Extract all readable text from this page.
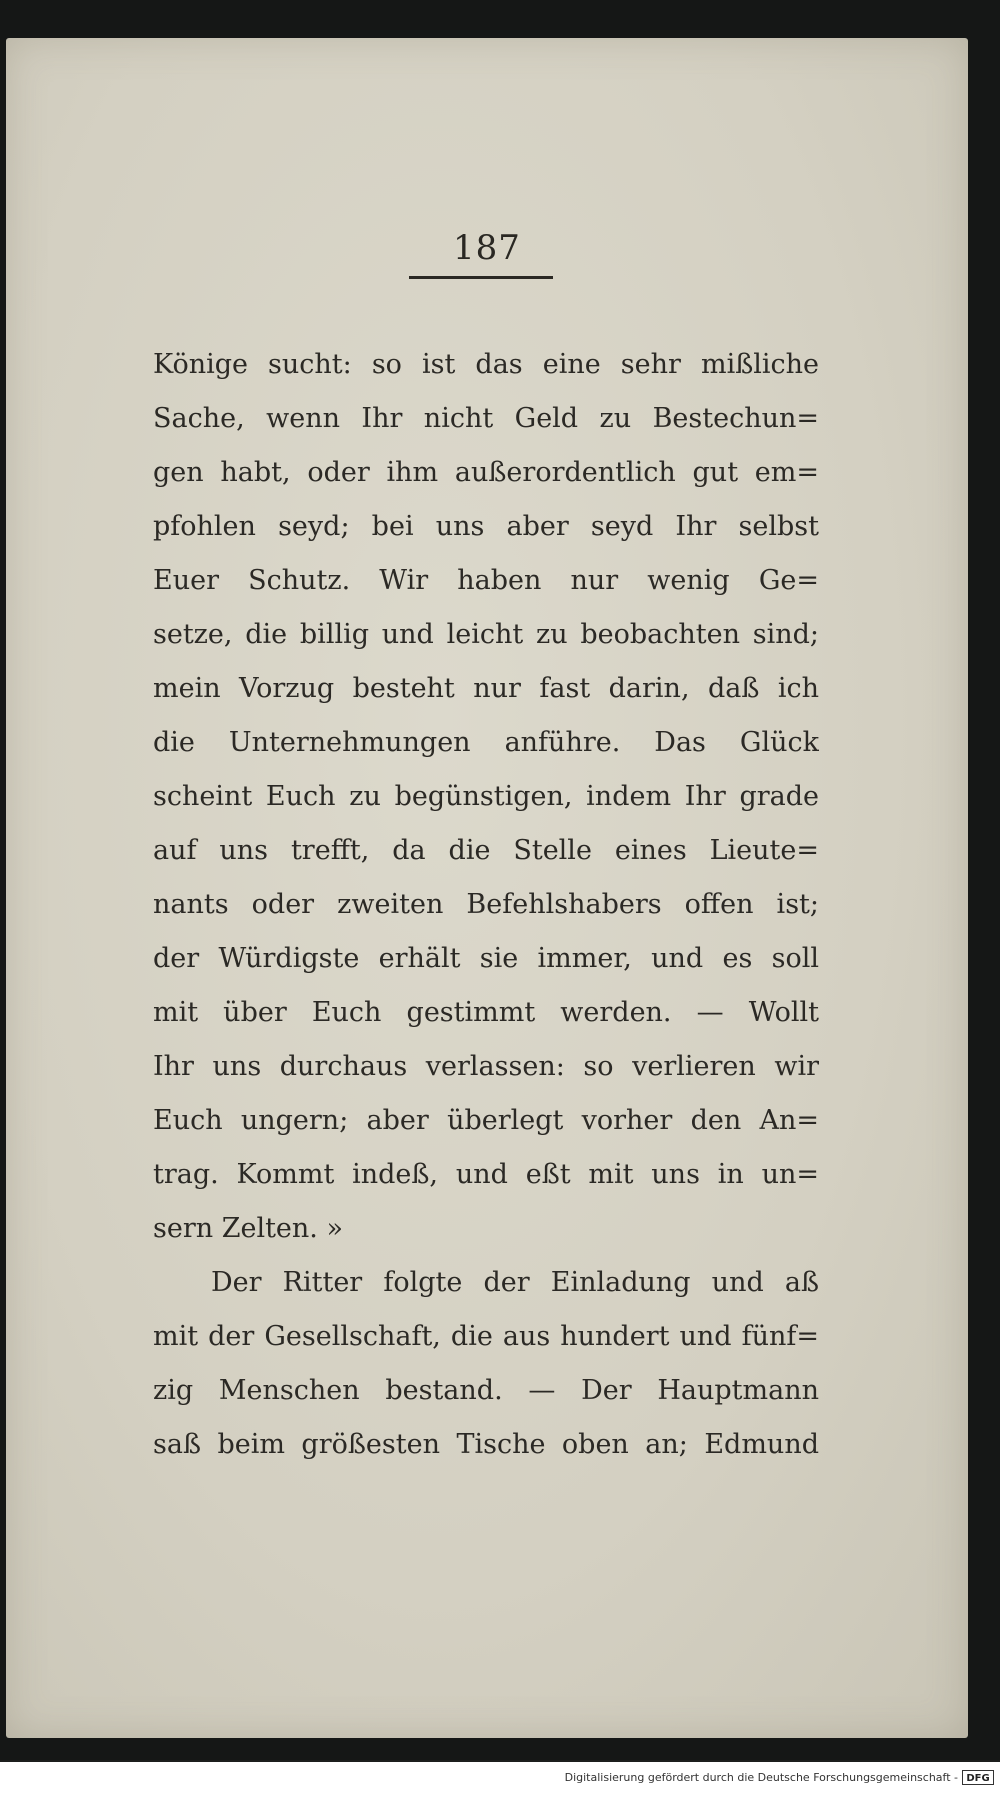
187
Könige sucht: so ist das eine sehr mißliche
Sache, wenn Ihr nicht Geld zu Bestechun=
gen habt, oder ihm außerordentlich gut em=
pfohlen seyd; bei uns aber seyd Ihr selbst
Euer Schutz. Wir haben nur wenig Ge=
setze, die billig und leicht zu beobachten sind;
mein Vorzug besteht nur fast darin, daß ich
die Unternehmungen anführe. Das Glück
scheint Euch zu begünstigen, indem Ihr grade
auf uns trefft, da die Stelle eines Lieute=
nants oder zweiten Befehlshabers offen ist;
der Würdigste erhält sie immer, und es soll
mit über Euch gestimmt werden. — Wollt
Ihr uns durchaus verlassen: so verlieren wir
Euch ungern; aber überlegt vorher den An=
trag. Kommt indeß, und eßt mit uns in un=
sern Zelten. »
Der Ritter folgte der Einladung und aß
mit der Gesellschaft, die aus hundert und fünf=
zig Menschen bestand. — Der Hauptmann
saß beim größesten Tische oben an; Edmund
Digitalisierung gefördert durch die Deutsche Forschungsgemeinschaft - DFG
